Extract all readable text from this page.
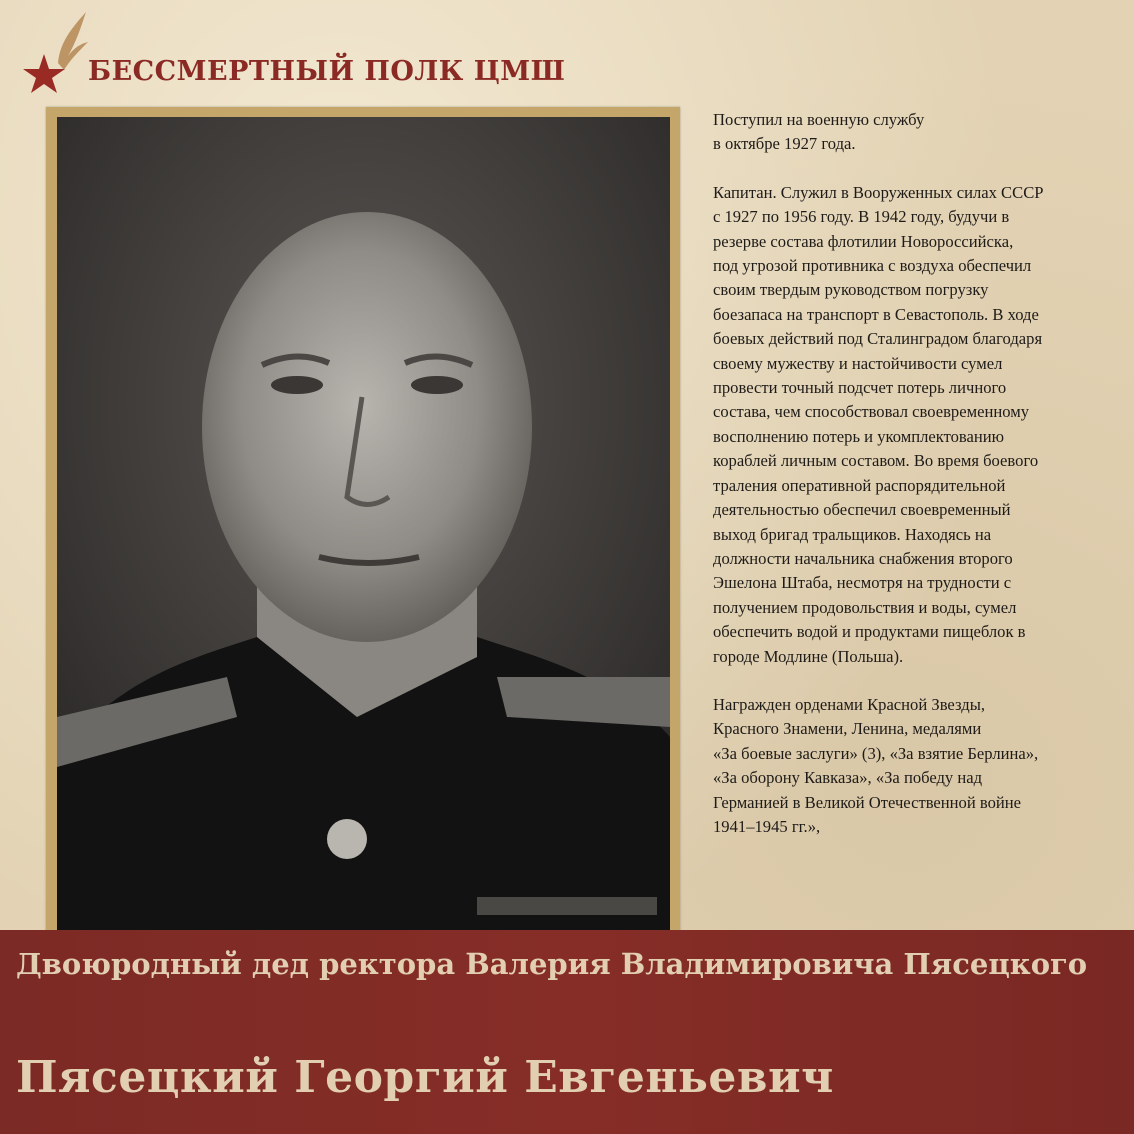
БЕССМЕРТНЫЙ ПОЛК ЦМШ

Поступил на военную службу
в октябре 1927 года.

Капитан. Служил в Вооруженных силах СССР
с 1927 по 1956 году. В 1942 году, будучи в
резерве состава флотилии Новороссийска,
под угрозой противника с воздуха обеспечил
своим твердым руководством погрузку
боезапаса на транспорт в Севастополь. В ходе
боевых действий под Сталинградом благодаря
своему мужеству и настойчивости сумел
провести точный подсчет потерь личного
состава, чем способствовал своевременному
восполнению потерь и укомплектованию
кораблей личным составом. Во время боевого
траления оперативной распорядительной
деятельностью обеспечил своевременный
выход бригад тральщиков. Находясь на
должности начальника снабжения второго
Эшелона Штаба, несмотря на трудности с
получением продовольствия и воды, сумел
обеспечить водой и продуктами пищеблок в
городе Модлине (Польша).

Награжден орденами Красной Звезды,
Красного Знамени, Ленина, медалями
«За боевые заслуги» (3), «За взятие Берлина»,
«За оборону Кавказа», «За победу над
Германией в Великой Отечественной войне
1941–1945 гг.»,

Двоюродный дед ректора Валерия Владимировича Пясецкого
Пясецкий Георгий Евгеньевич
